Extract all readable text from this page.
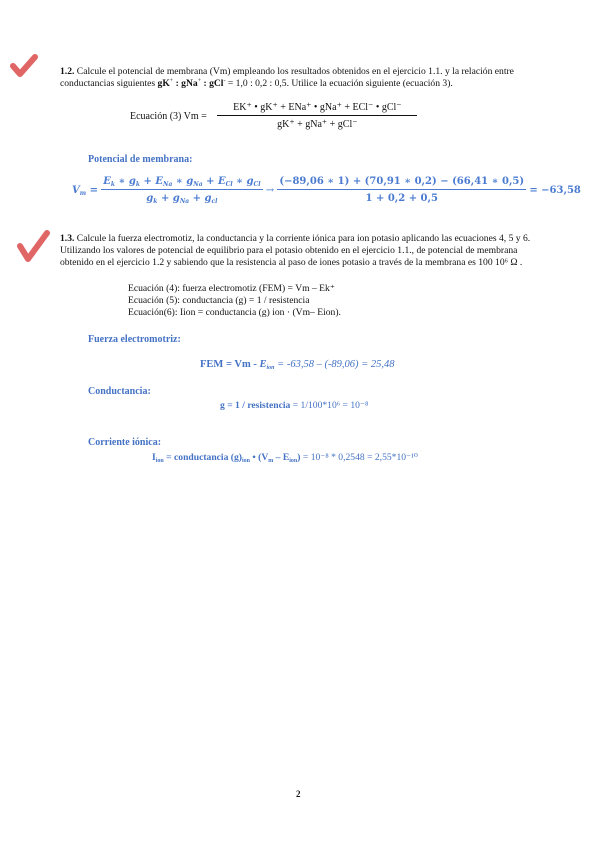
1.2. Calcule el potencial de membrana (Vm) empleando los resultados obtenidos en el ejercicio 1.1. y la relación entre conductancias siguientes gK+ : gNa+ : gCl- = 1,0 : 0,2 : 0,5. Utilice la ecuación siguiente (ecuación 3).
Ecuación (3) $Vm = \frac{\text{EK⁺ • gK⁺ + ENa⁺ • gNa⁺ + ECl⁻ • gCl⁻}}{\text{gK⁺ + gNa⁺ + gCl⁻}}$
Potencial de membrana:
$V_m = \frac{E_k ∗ g_k + E_{Na} ∗ g_{Na} + E_{Cl} ∗ g_{Cl}}{g_k + g_{Na} + g_{cl}} \to \frac{(-89,06 ∗ 1) + (70,91 ∗ 0,2) - (66,41 ∗ 0,5)}{1 + 0,2 + 0,5} = -63,58$
1.3. Calcule la fuerza electromotiz, la conductancia y la corriente iónica para ion potasio aplicando las ecuaciones 4, 5 y 6. Utilizando los valores de potencial de equilibrio para el potasio obtenido en el ejercicio 1.1., de potencial de membrana obtenido en el ejercicio 1.2 y sabiendo que la resistencia al paso de iones potasio a través de la membrana es 100 10⁶ Ω .
Ecuación (4): fuerza electromotiz (FEM) = Vm – Ek⁺
Ecuación (5): conductancia (g) = 1 / resistencia
Ecuación(6): Iion = conductancia (g) ion · (Vm– Eion).
Fuerza electromotriz:
FEM = $Vm - E_{ion} = -63,58 - (-89,06) = 25,48$
Conductancia:
g = 1 / resistencia = 1/100*10⁶ = 10⁻⁸
Corriente iónica:
$I_{ion}$ = conductancia $(g)_{ion}$ • $(V_m - E_{ion}) = 10^{-8} * 0,2548 = 2,55*10^{-10}$
2
